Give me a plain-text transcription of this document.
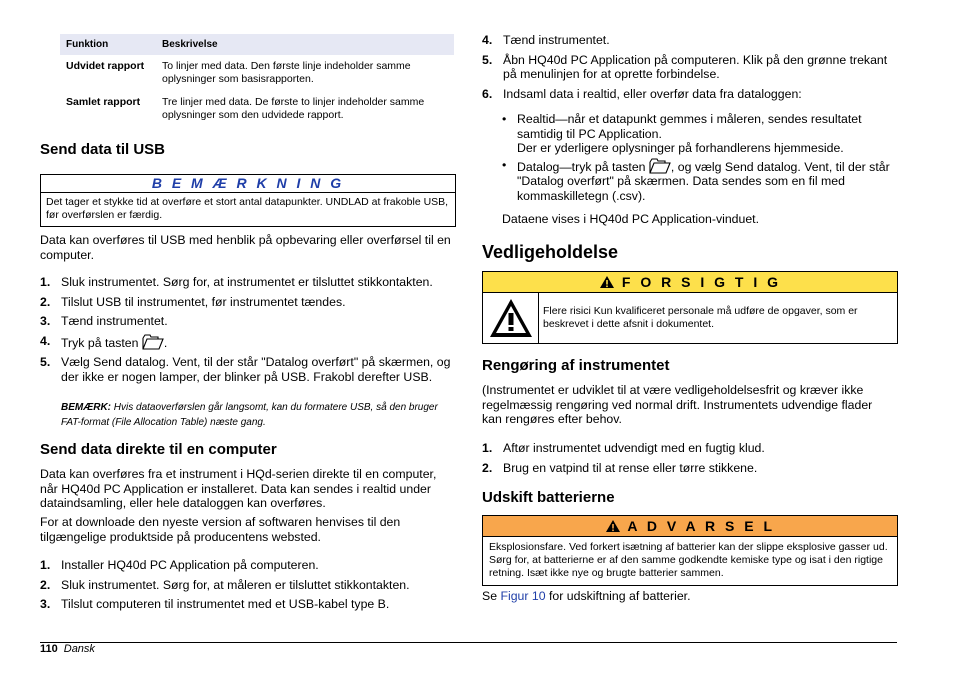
Funktion	Beskrivelse
Udvidet rapport	To linjer med data. Den første linje indeholder samme oplysninger som basisrapporten.
Samlet rapport	Tre linjer med data. De første to linjer indeholder samme oplysninger som den udvidede rapport.
Send data til USB
B E M Æ R K N I N G
Det tager et stykke tid at overføre et stort antal datapunkter. UNDLAD at frakoble USB, før overførslen er færdig.

Data kan overføres til USB med henblik på opbevaring eller overførsel til en computer.

1. Sluk instrumentet. Sørg for, at instrumentet er tilsluttet stikkontakten.
2. Tilslut USB til instrumentet, før instrumentet tændes.
3. Tænd instrumentet.
4. Tryk på tasten .
5. Vælg Send datalog. Vent, til der står "Datalog overført" på skærmen, og der ikke er nogen lamper, der blinker på USB. Frakobl derefter USB.

BEMÆRK: Hvis dataoverførslen går langsomt, kan du formatere USB, så den bruger FAT-format (File Allocation Table) næste gang.

Send data direkte til en computer

Data kan overføres fra et instrument i HQd-serien direkte til en computer, når HQ40d PC Application er installeret. Data kan sendes i realtid under dataindsamling, eller hele dataloggen kan overføres.

For at downloade den nyeste version af softwaren henvises til den tilgængelige produktside på producentens websted.

1. Installer HQ40d PC Application på computeren.
2. Sluk instrumentet. Sørg for, at måleren er tilsluttet stikkontakten.
3. Tilslut computeren til instrumentet med et USB-kabel type B.
4. Tænd instrumentet.
5. Åbn HQ40d PC Application på computeren. Klik på den grønne trekant på menulinjen for at oprette forbindelse.
6. Indsaml data i realtid, eller overfør data fra dataloggen:
• Realtid—når et datapunkt gemmes i måleren, sendes resultatet samtidig til PC Application.
Der er yderligere oplysninger på forhandlerens hjemmeside.
• Datalog—tryk på tasten , og vælg Send datalog. Vent, til der står "Datalog overført" på skærmen. Data sendes som en fil med kommaskilletegn (.csv).

Dataene vises i HQ40d PC Application-vinduet.

Vedligeholdelse
F O R S I G T I G
Flere risici Kun kvalificeret personale må udføre de opgaver, som er beskrevet i dette afsnit i dokumentet.
Rengøring af instrumentet

(Instrumentet er udviklet til at være vedligeholdelsesfrit og kræver ikke regelmæssig rengøring ved normal drift. Instrumentets udvendige flader kan rengøres efter behov.

1. Aftør instrumentet udvendigt med en fugtig klud.
2. Brug en vatpind til at rense eller tørre stikkene.
Udskift batterierne
A D V A R S E L
Eksplosionsfare. Ved forkert isætning af batterier kan der slippe eksplosive gasser ud. Sørg for, at batterierne er af den samme godkendte kemiske type og isat i den rigtige retning. Isæt ikke nye og brugte batterier sammen.

Se Figur 10 for udskiftning af batterier.

110 Dansk
